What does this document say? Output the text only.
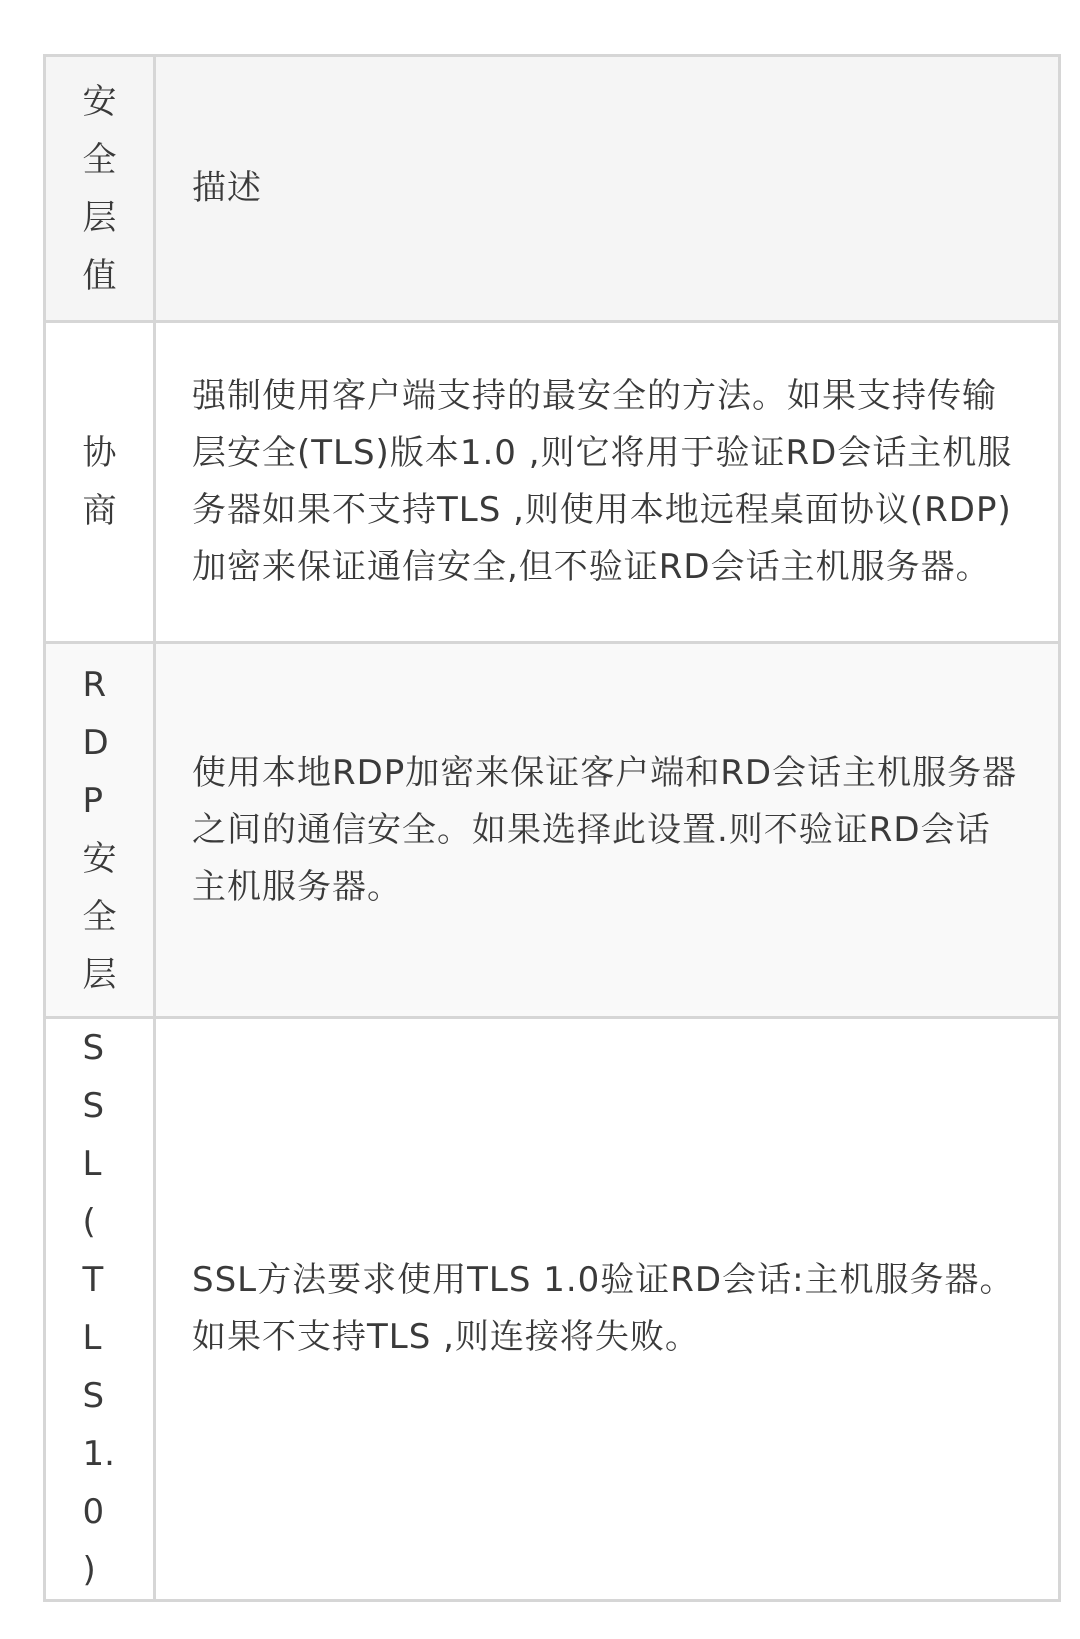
安全层值	描述

协商	强制使用客户端支持的最安全的方法。如果支持传输层安全(TLS)版本1.0 ,则它将用于验证RD会话主机服务器如果不支持TLS ,则使用本地远程桌面协议(RDP)加密来保证通信安全,但不验证RD会话主机服务器。

RDP安全层	使用本地RDP加密来保证客户端和RD会话主机服务器之间的通信安全。如果选择此设置.则不验证RD会话主机服务器。

SSL(TLS1.0)	SSL方法要求使用TLS 1.0验证RD会话:主机服务器。如果不支持TLS ,则连接将失败。
